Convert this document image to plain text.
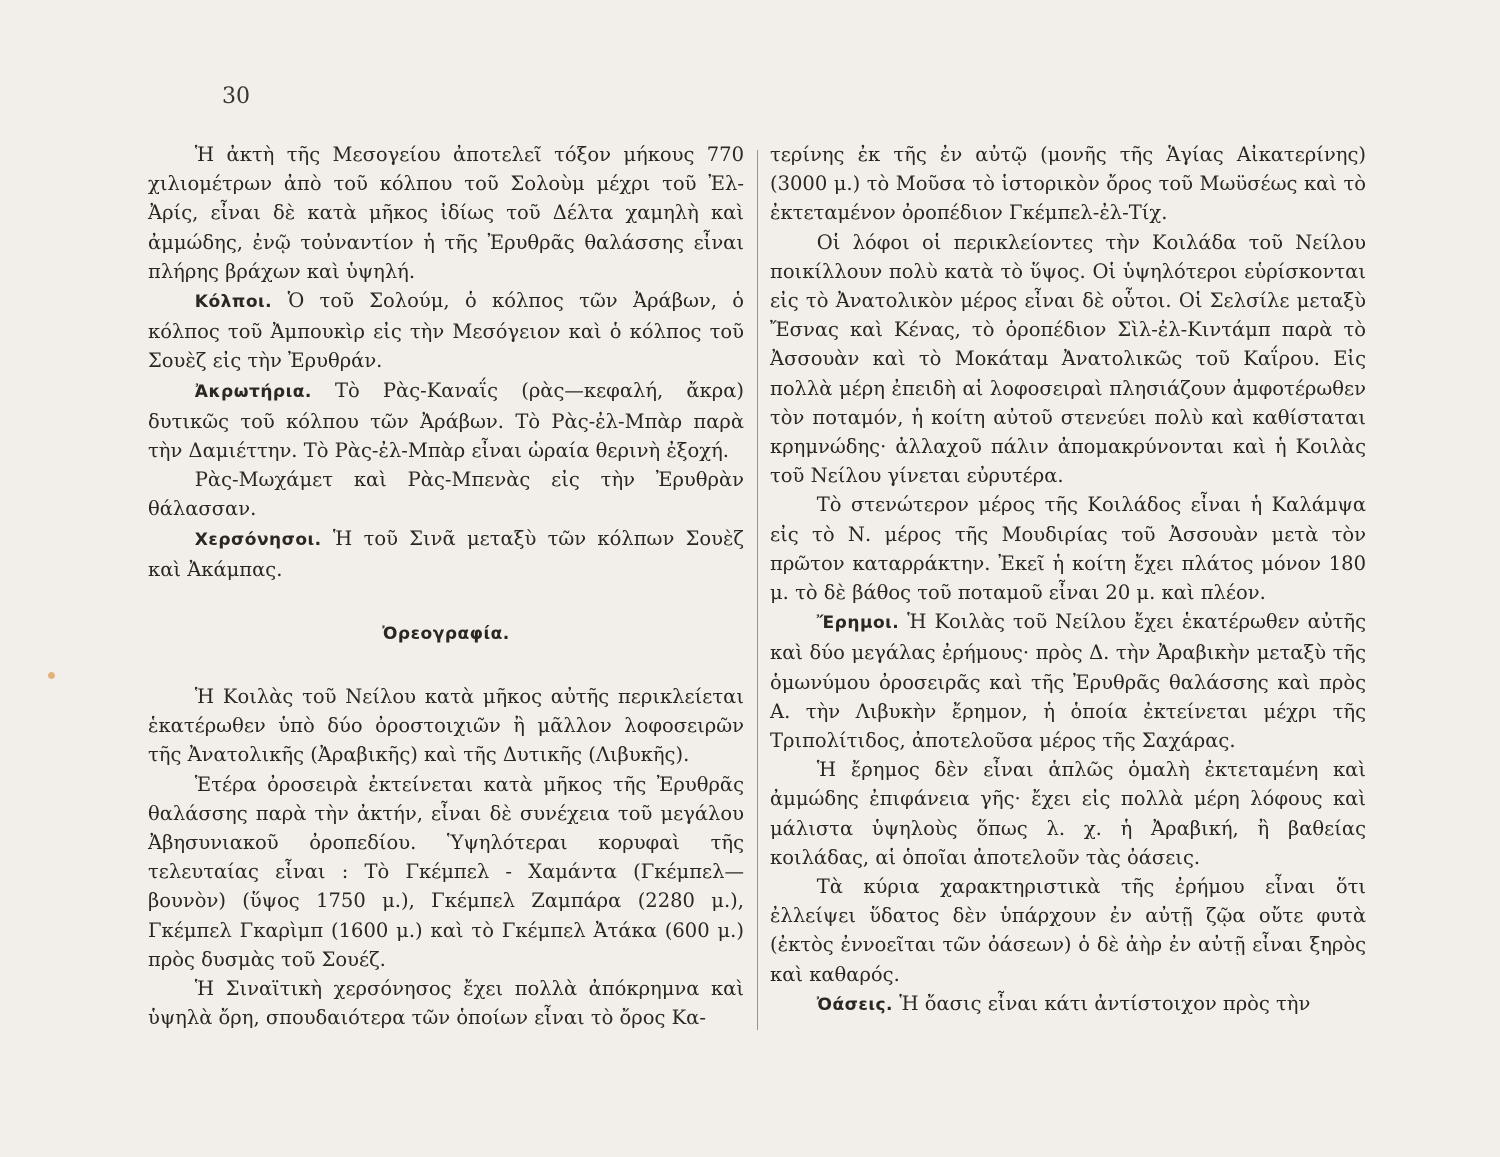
30

Ἡ ἀκτὴ τῆς Μεσογείου ἀποτελεῖ τόξον μήκους 770 χιλιομέτρων ἀπὸ τοῦ κόλπου τοῦ Σολοὺμ μέχρι τοῦ Ἐλ-Ἀρίς, εἶναι δὲ κατὰ μῆκος ἰδίως τοῦ Δέλτα χαμηλὴ καὶ ἀμμώδης, ἐνῷ τοὐναντίον ἡ τῆς Ἐρυθρᾶς θαλάσσης εἶναι πλήρης βράχων καὶ ὑψηλή.

Κόλποι. Ὁ τοῦ Σολούμ, ὁ κόλπος τῶν Ἀράβων, ὁ κόλπος τοῦ Ἀμπουκὶρ εἰς τὴν Μεσόγειον καὶ ὁ κόλπος τοῦ Σουὲζ εἰς τὴν Ἐρυθράν.

Ἀκρωτήρια. Τὸ Ρὰς-Καναΐς (ρὰς—κεφαλή, ἄκρα) δυτικῶς τοῦ κόλπου τῶν Ἀράβων. Τὸ Ρὰς-ἐλ-Μπὰρ παρὰ τὴν Δαμιέττην. Τὸ Ρὰς-ἐλ-Μπὰρ εἶναι ὡραία θερινὴ ἐξοχή.

Ρὰς-Μωχάμετ καὶ Ρὰς-Μπενὰς εἰς τὴν Ἐρυθρὰν θάλασσαν.

Χερσόνησοι. Ἡ τοῦ Σινᾶ μεταξὺ τῶν κόλπων Σουὲζ καὶ Ἀκάμπας.

Ὀρεογραφία.

Ἡ Κοιλὰς τοῦ Νείλου κατὰ μῆκος αὐτῆς περικλείεται ἑκατέρωθεν ὑπὸ δύο ὀροστοιχιῶν ἢ μᾶλλον λοφοσειρῶν τῆς Ἀνατολικῆς (Ἀραβικῆς) καὶ τῆς Δυτικῆς (Λιβυκῆς).

Ἑτέρα ὀροσειρὰ ἐκτείνεται κατὰ μῆκος τῆς Ἐρυθρᾶς θαλάσσης παρὰ τὴν ἀκτήν, εἶναι δὲ συνέχεια τοῦ μεγάλου Ἀβησυνιακοῦ ὀροπεδίου. Ὑψηλότεραι κορυφαὶ τῆς τελευταίας εἶναι : Τὸ Γκέμπελ - Χαμάντα (Γκέμπελ—βουνὸν) (ὕψος 1750 μ.), Γκέμπελ Ζαμπάρα (2280 μ.), Γκέμπελ Γκαρὶμπ (1600 μ.) καὶ τὸ Γκέμπελ Ἀτάκα (600 μ.) πρὸς δυσμὰς τοῦ Σουέζ.

Ἡ Σιναϊτικὴ χερσόνησος ἔχει πολλὰ ἀπόκρημνα καὶ ὑψηλὰ ὄρη, σπουδαιότερα τῶν ὁποίων εἶναι τὸ ὄρος Κα-

τερίνης ἐκ τῆς ἐν αὐτῷ (μονῆς τῆς Ἁγίας Αἰκατερίνης) (3000 μ.) τὸ Μοῦσα τὸ ἱστορικὸν ὄρος τοῦ Μωϋσέως καὶ τὸ ἐκτεταμένον ὀροπέδιον Γκέμπελ-ἐλ-Τίχ.

Οἱ λόφοι οἱ περικλείοντες τὴν Κοιλάδα τοῦ Νείλου ποικίλλουν πολὺ κατὰ τὸ ὕψος. Οἱ ὑψηλότεροι εὑρίσκονται εἰς τὸ Ἀνατολικὸν μέρος εἶναι δὲ οὗτοι. Οἱ Σελσίλε μεταξὺ Ἔσνας καὶ Κένας, τὸ ὀροπέδιον Σὶλ-ἐλ-Κιντάμπ παρὰ τὸ Ἀσσουὰν καὶ τὸ Μοκάταμ Ἀνατολικῶς τοῦ Καΐρου. Εἰς πολλὰ μέρη ἐπειδὴ αἱ λοφοσειραὶ πλησιάζουν ἀμφοτέρωθεν τὸν ποταμόν, ἡ κοίτη αὐτοῦ στενεύει πολὺ καὶ καθίσταται κρημνώδης· ἀλλαχοῦ πάλιν ἀπομακρύνονται καὶ ἡ Κοιλὰς τοῦ Νείλου γίνεται εὐρυτέρα.

Τὸ στενώτερον μέρος τῆς Κοιλάδος εἶναι ἡ Καλάμψα εἰς τὸ Ν. μέρος τῆς Μουδιρίας τοῦ Ἀσσουὰν μετὰ τὸν πρῶτον καταρράκτην. Ἐκεῖ ἡ κοίτη ἔχει πλάτος μόνον 180 μ. τὸ δὲ βάθος τοῦ ποταμοῦ εἶναι 20 μ. καὶ πλέον.

Ἔρημοι. Ἡ Κοιλὰς τοῦ Νείλου ἔχει ἑκατέρωθεν αὐτῆς καὶ δύο μεγάλας ἐρήμους· πρὸς Δ. τὴν Ἀραβικὴν μεταξὺ τῆς ὁμωνύμου ὀροσειρᾶς καὶ τῆς Ἐρυθρᾶς θαλάσσης καὶ πρὸς Α. τὴν Λιβυκὴν ἔρημον, ἡ ὁποία ἐκτείνεται μέχρι τῆς Τριπολίτιδος, ἀποτελοῦσα μέρος τῆς Σαχάρας.

Ἡ ἔρημος δὲν εἶναι ἁπλῶς ὁμαλὴ ἐκτεταμένη καὶ ἀμμώδης ἐπιφάνεια γῆς· ἔχει εἰς πολλὰ μέρη λόφους καὶ μάλιστα ὑψηλοὺς ὅπως λ. χ. ἡ Ἀραβική, ἢ βαθείας κοιλάδας, αἱ ὁποῖαι ἀποτελοῦν τὰς ὀάσεις.

Τὰ κύρια χαρακτηριστικὰ τῆς ἐρήμου εἶναι ὅτι ἐλλείψει ὕδατος δὲν ὑπάρχουν ἐν αὐτῇ ζῷα οὔτε φυτὰ (ἐκτὸς ἐννοεῖται τῶν ὀάσεων) ὁ δὲ ἀὴρ ἐν αὐτῇ εἶναι ξηρὸς καὶ καθαρός.

Ὀάσεις. Ἡ ὄασις εἶναι κάτι ἀντίστοιχον πρὸς τὴν
